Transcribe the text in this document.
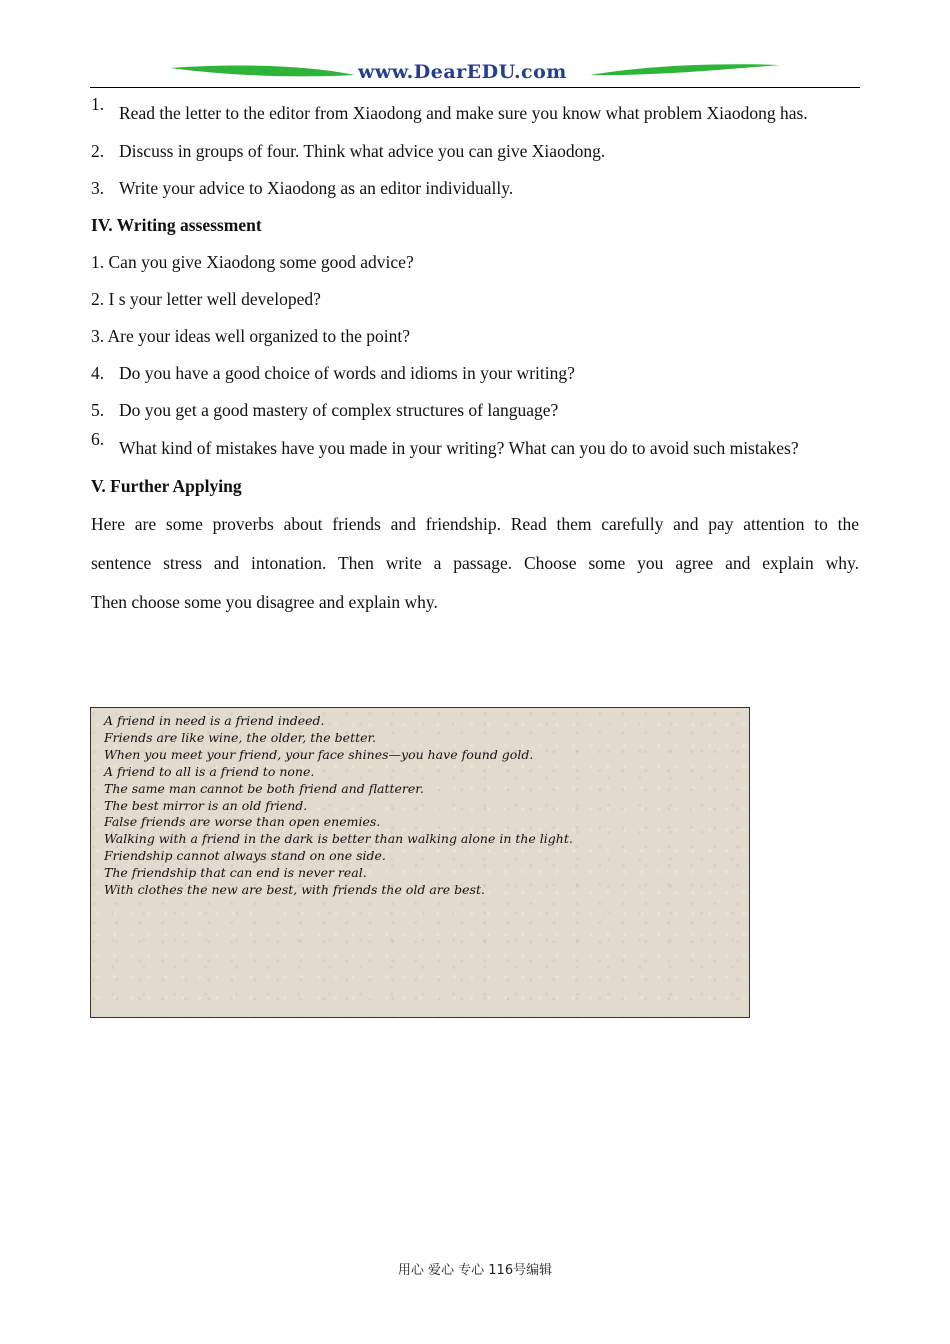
www.DearEDU.com
1. Read the letter to the editor from Xiaodong and make sure you know what problem Xiaodong has.
2. Discuss in groups of four. Think what advice you can give Xiaodong.
3. Write your advice to Xiaodong as an editor individually.
IV. Writing assessment
1. Can you give Xiaodong some good advice?
2. I s your letter well developed?
3. Are your ideas well organized to the point?
4. Do you have a good choice of words and idioms in your writing?
5. Do you get a good mastery of complex structures of language?
6. What kind of mistakes have you made in your writing? What can you do to avoid such mistakes?
V. Further Applying
Here are some proverbs about friends and friendship. Read them carefully and pay attention to the
sentence stress and intonation. Then write a passage. Choose some you agree and explain why.
Then choose some you disagree and explain why.
A friend in need is a friend indeed.
Friends are like wine, the older, the better.
When you meet your friend, your face shines—you have found gold.
A friend to all is a friend to none.
The same man cannot be both friend and flatterer.
The best mirror is an old friend.
False friends are worse than open enemies.
Walking with a friend in the dark is better than walking alone in the light.
Friendship cannot always stand on one side.
The friendship that can end is never real.
With clothes the new are best, with friends the old are best.
用心 爱心 专心 116号编辑
